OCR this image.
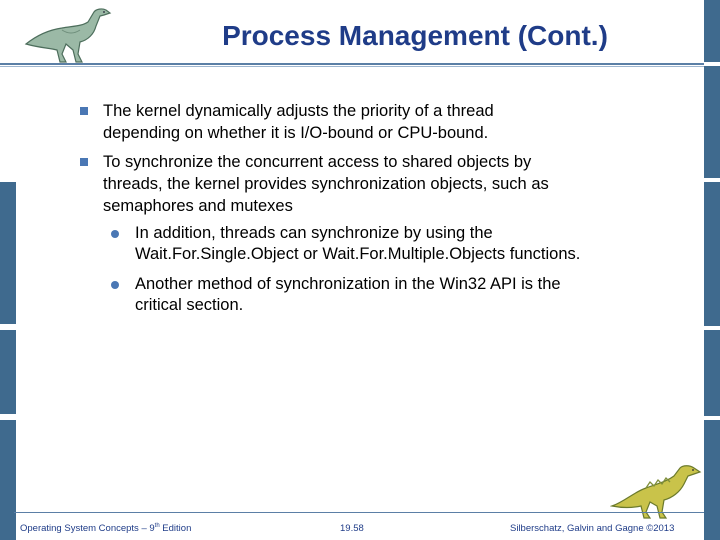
Process Management (Cont.)
The kernel dynamically adjusts the priority of a thread
depending on whether it is I/O-bound or CPU-bound.
To synchronize the concurrent access to shared objects by
threads, the kernel provides synchronization objects, such as
semaphores and mutexes
In addition, threads can synchronize by using the
Wait.For.Single.Object or Wait.For.Multiple.Objects functions.
Another method of synchronization in the Win32 API is the
critical section.
Operating System Concepts – 9th Edition	19.58	Silberschatz, Galvin and Gagne ©2013
